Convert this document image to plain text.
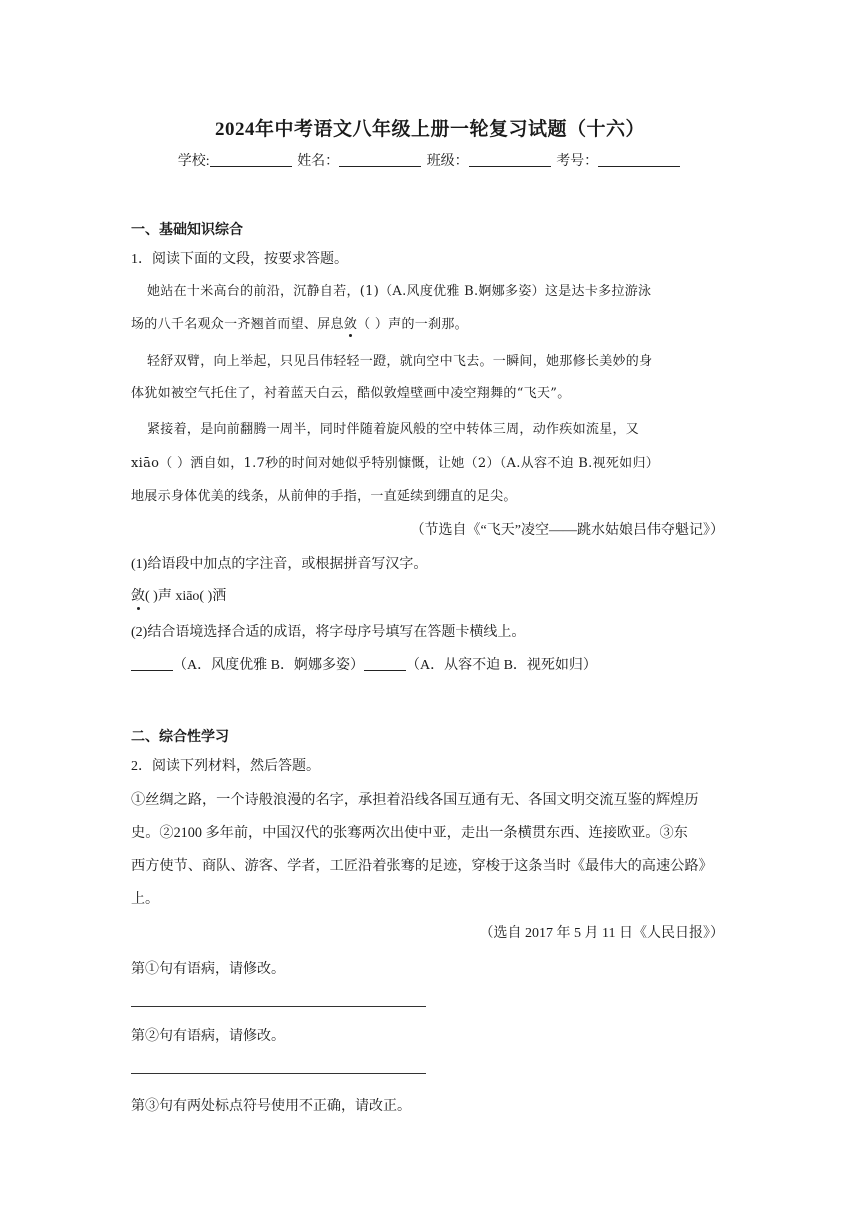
2024年中考语文八年级上册一轮复习试题（十六）
学校:	姓名：	班级：	考号：
一、基础知识综合
1．阅读下面的文段，按要求答题。
她站在十米高台的前沿，沉静自若，(1)（A.风度优雅 B.婀娜多姿）这是达卡多拉游泳
场的八千名观众一齐翘首而望、屏息敛（ ）声的一刹那。
轻舒双臂，向上举起，只见吕伟轻轻一蹬，就向空中飞去。一瞬间，她那修长美妙的身
体犹如被空气托住了，衬着蓝天白云，酷似敦煌壁画中凌空翔舞的“飞天”。
紧接着，是向前翻腾一周半，同时伴随着旋风般的空中转体三周，动作疾如流星，又
xiāo（ ）洒自如，1.7秒的时间对她似乎特别慷慨，让她（2）（A.从容不迫 B.视死如归）
地展示身体优美的线条，从前伸的手指，一直延续到绷直的足尖。
（节选自《“飞天”凌空——跳水姑娘吕伟夺魁记》）
(1)给语段中加点的字注音，或根据拼音写汉字。
敛( )声 xiāo( )洒
(2)结合语境选择合适的成语，将字母序号填写在答题卡横线上。
（A．风度优雅 B．婀娜多姿）	（A．从容不迫 B．视死如归）
二、综合性学习
2．阅读下列材料，然后答题。
①丝绸之路，一个诗般浪漫的名字，承担着沿线各国互通有无、各国文明交流互鉴的辉煌历
史。②2100 多年前，中国汉代的张骞两次出使中亚，走出一条横贯东西、连接欧亚。③东
西方使节、商队、游客、学者，工匠沿着张骞的足迹，穿梭于这条当时《最伟大的高速公路》
上。
（选自 2017 年 5 月 11 日《人民日报》）
第①句有语病，请修改。
第②句有语病，请修改。
第③句有两处标点符号使用不正确，请改正。
